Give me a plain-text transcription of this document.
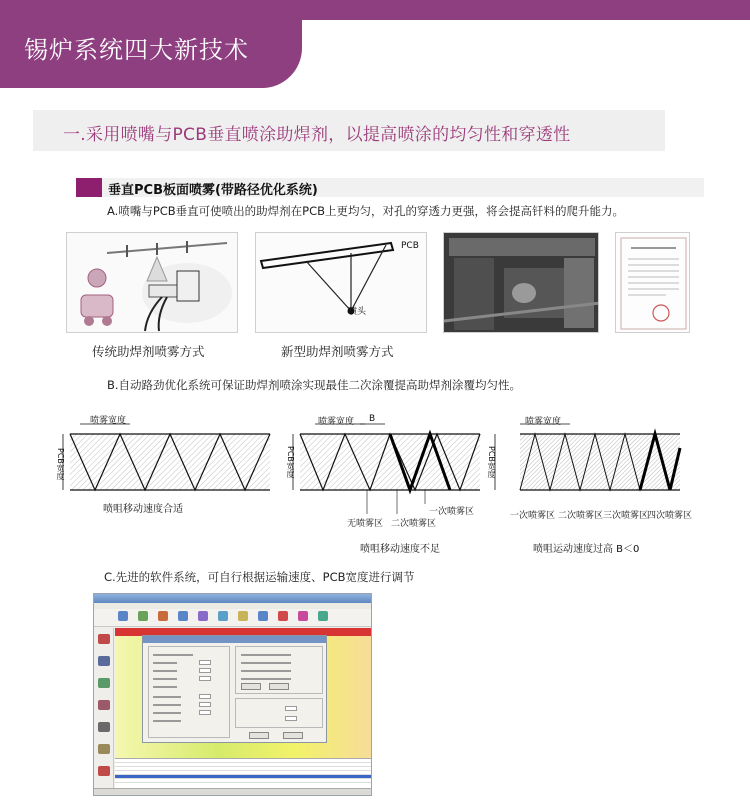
锡炉系统四大新技术
一.采用喷嘴与PCB垂直喷涂助焊剂，以提高喷涂的均匀性和穿透性
垂直PCB板面喷雾(带路径优化系统)
A.喷嘴与PCB垂直可使喷出的助焊剂在PCB上更均匀，对孔的穿透力更强，将会提高钎料的爬升能力。
PCB
喷头
传统助焊剂喷雾方式	新型助焊剂喷雾方式
B.自动路劲优化系统可保证助焊剂喷涂实现最佳二次涂覆提高助焊剂涂覆均匀性。
喷雾宽度
PCB宽度
喷咀移动速度合适
喷雾宽度 B
PCB宽度
无喷雾区 二次喷雾区
一次喷雾区
喷咀移动速度不足
喷雾宽度
PCB宽度
一次喷雾区 二次喷雾区 三次喷雾区
四次喷雾区
喷咀运动速度过高 B＜0
C.先进的软件系统，可自行根据运输速度、PCB宽度进行调节
